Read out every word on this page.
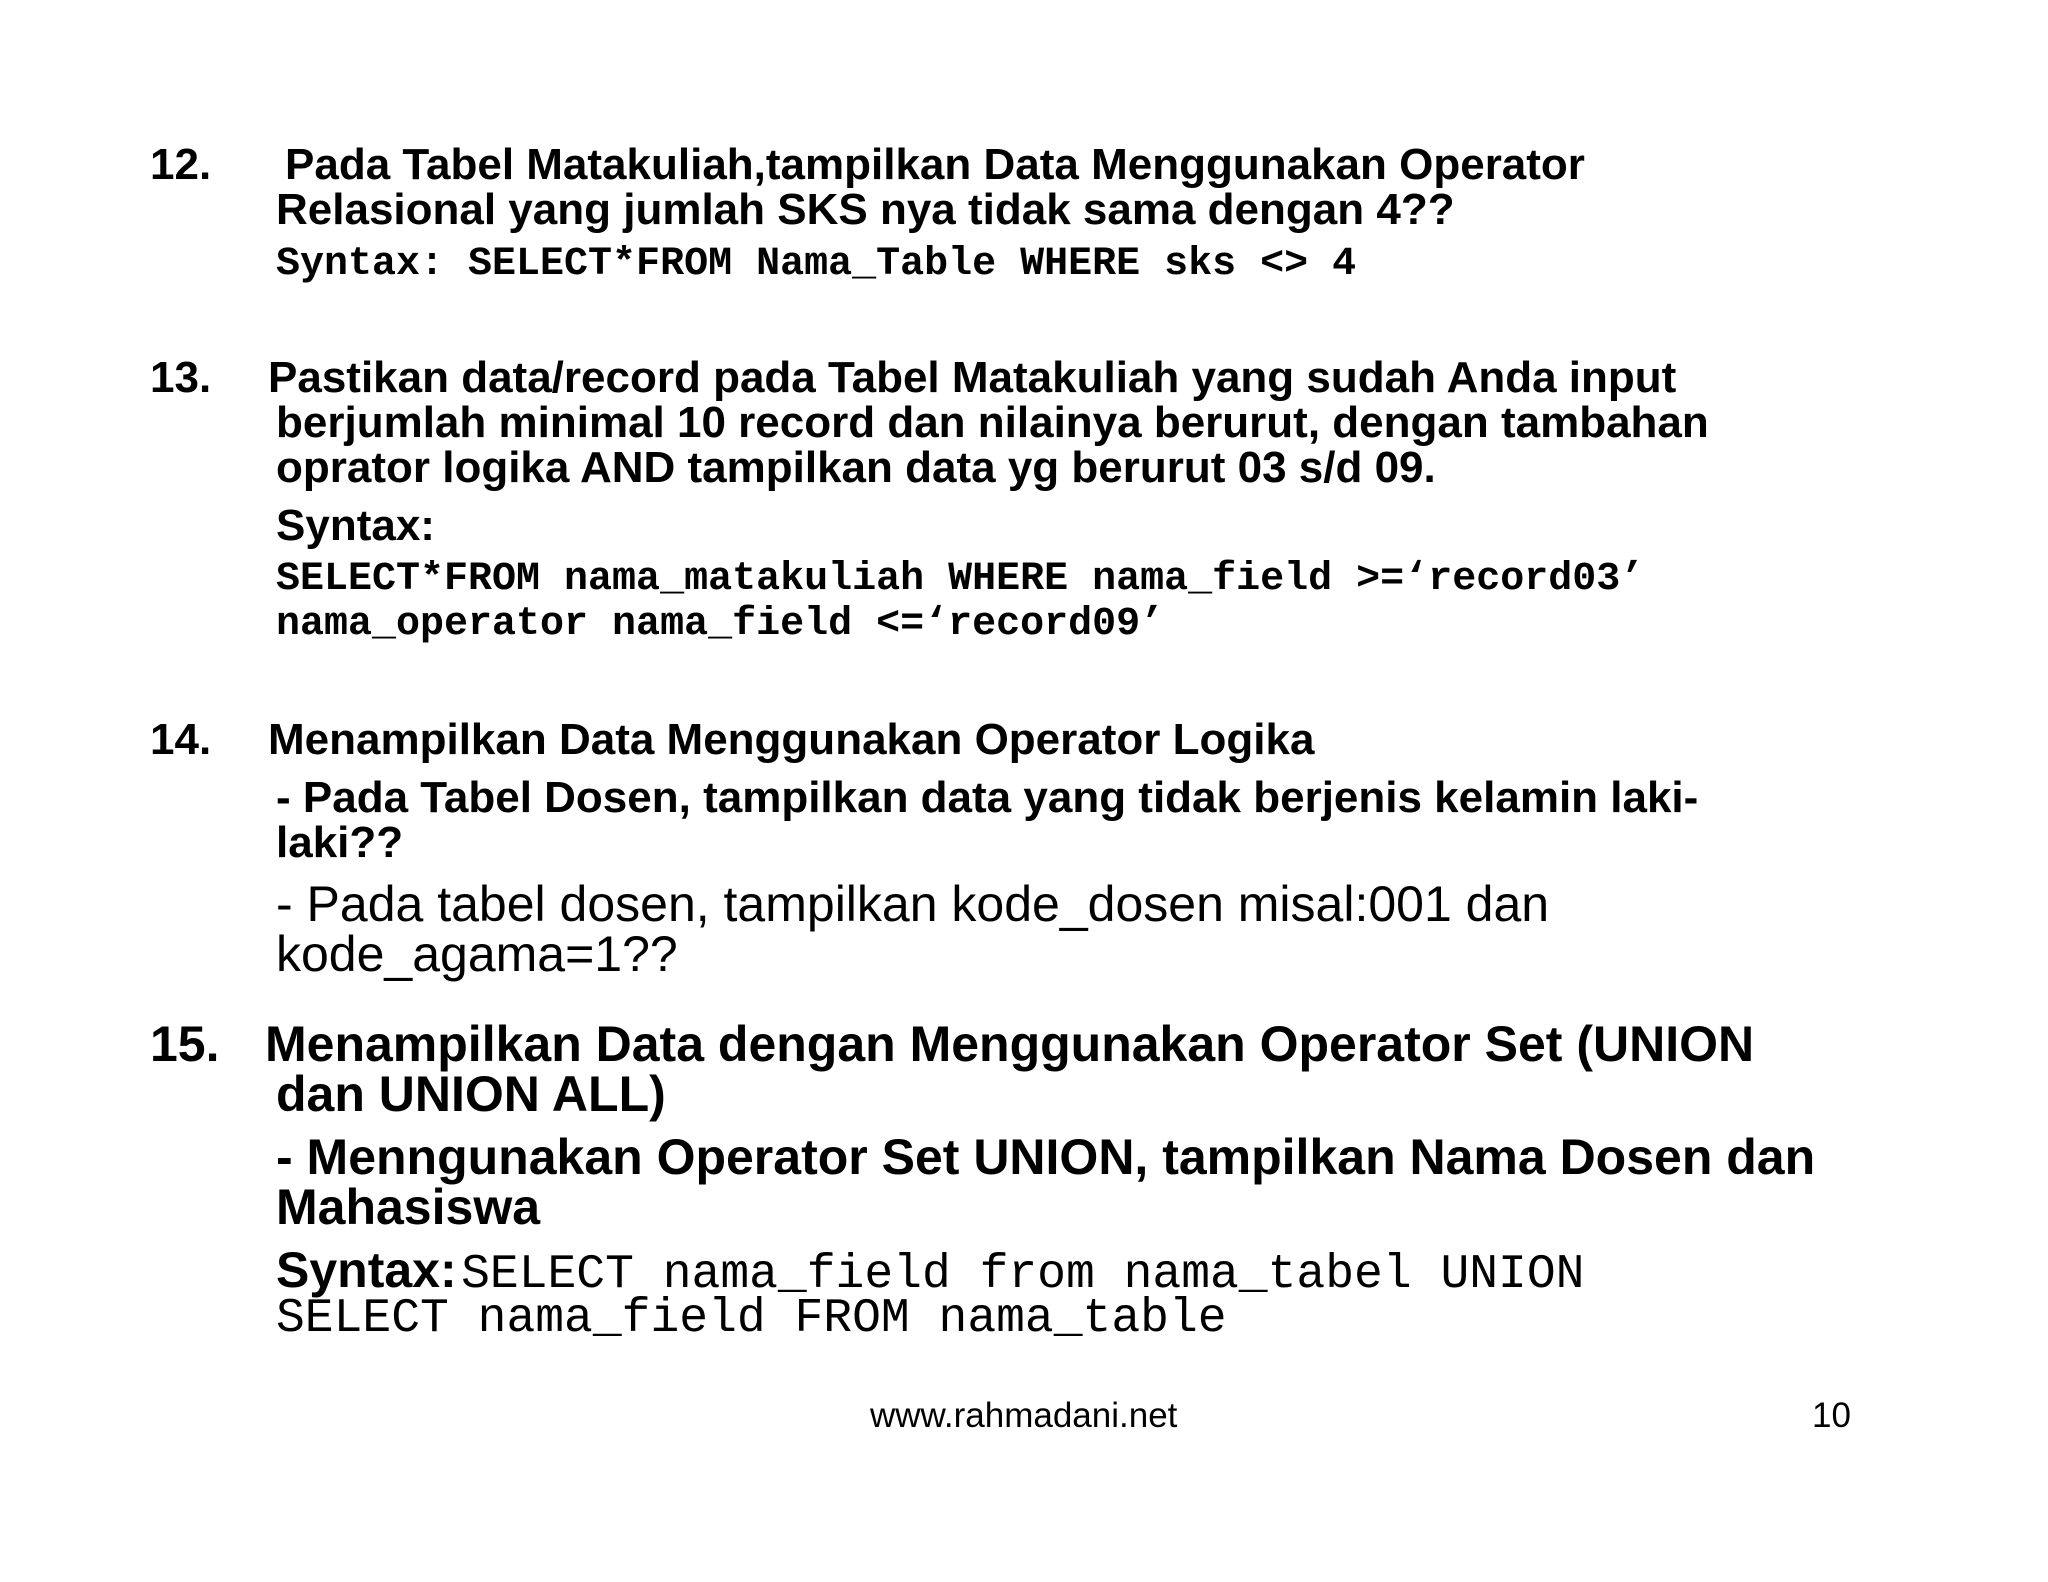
12. Pada Tabel Matakuliah,tampilkan Data Menggunakan Operator
Relasional yang jumlah SKS nya tidak sama dengan 4??
Syntax: SELECT*FROM Nama_Table WHERE sks <> 4
13. Pastikan data/record pada Tabel Matakuliah yang sudah Anda input
berjumlah minimal 10 record dan nilainya berurut, dengan tambahan
oprator logika AND tampilkan data yg berurut 03 s/d 09.
Syntax:
SELECT*FROM nama_matakuliah WHERE nama_field >=‘record03’
nama_operator nama_field <=‘record09’
14. Menampilkan Data Menggunakan Operator Logika
- Pada Tabel Dosen, tampilkan data yang tidak berjenis kelamin laki-
laki??
- Pada tabel dosen, tampilkan kode_dosen misal:001 dan
kode_agama=1??
15. Menampilkan Data dengan Menggunakan Operator Set (UNION
dan UNION ALL)
- Menngunakan Operator Set UNION, tampilkan Nama Dosen dan
Mahasiswa
Syntax: SELECT nama_field from nama_tabel UNION
SELECT nama_field FROM nama_table
www.rahmadani.net	10
